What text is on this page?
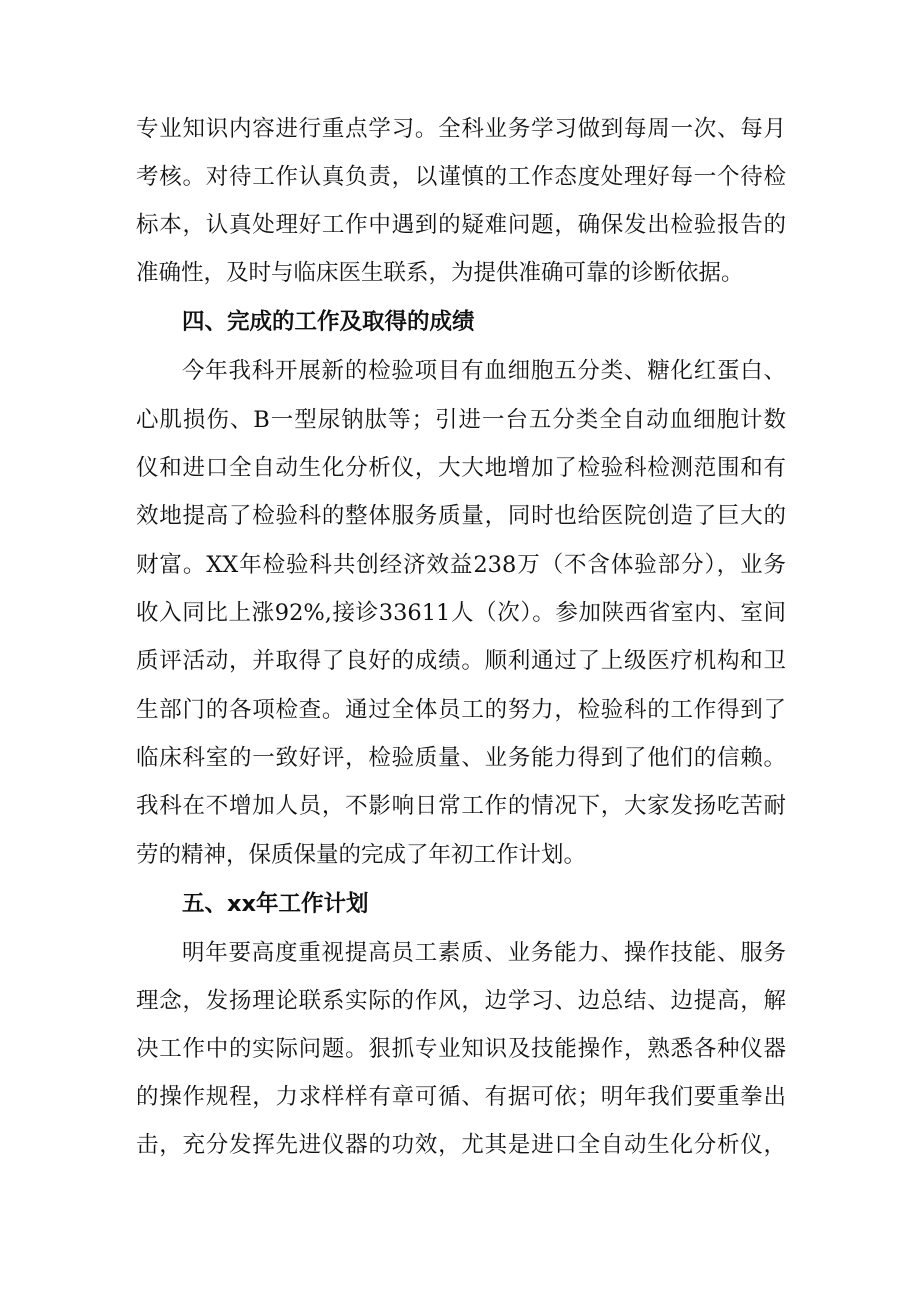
专业知识内容进行重点学习。全科业务学习做到每周一次、每月
考核。对待工作认真负责，以谨慎的工作态度处理好每一个待检
标本，认真处理好工作中遇到的疑难问题，确保发出检验报告的
准确性，及时与临床医生联系，为提供准确可靠的诊断依据。
四、完成的工作及取得的成绩
今年我科开展新的检验项目有血细胞五分类、糖化红蛋白、
心肌损伤、B一型尿钠肽等；引进一台五分类全自动血细胞计数
仪和进口全自动生化分析仪，大大地增加了检验科检测范围和有
效地提高了检验科的整体服务质量，同时也给医院创造了巨大的
财富。XX年检验科共创经济效益238万（不含体验部分），业务
收入同比上涨92%,接诊33611人（次）。参加陕西省室内、室间
质评活动，并取得了良好的成绩。顺利通过了上级医疗机构和卫
生部门的各项检查。通过全体员工的努力，检验科的工作得到了
临床科室的一致好评，检验质量、业务能力得到了他们的信赖。
我科在不增加人员，不影响日常工作的情况下，大家发扬吃苦耐
劳的精神，保质保量的完成了年初工作计划。
五、xx年工作计划
明年要高度重视提高员工素质、业务能力、操作技能、服务
理念，发扬理论联系实际的作风，边学习、边总结、边提高，解
决工作中的实际问题。狠抓专业知识及技能操作，熟悉各种仪器
的操作规程，力求样样有章可循、有据可依；明年我们要重拳出
击，充分发挥先进仪器的功效，尤其是进口全自动生化分析仪，
